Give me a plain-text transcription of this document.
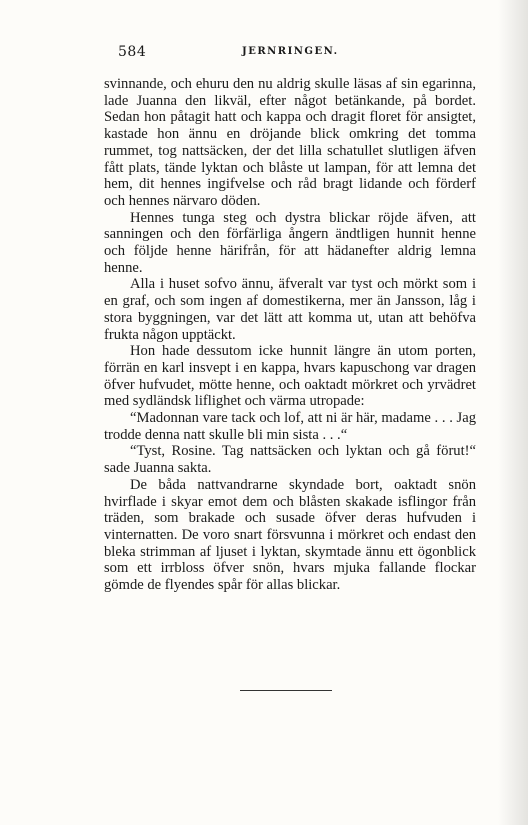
584	JERNRINGEN.

svinnande, och ehuru den nu aldrig skulle läsas af sin egarinna, lade Juanna den likväl, efter något betänkande, på bordet. Sedan hon påtagit hatt och kappa och dragit floret för ansigtet, kastade hon ännu en dröjande blick omkring det tomma rummet, tog nattsäcken, der det lilla schatullet slutligen äfven fått plats, tände lyktan och blåste ut lampan, för att lemna det hem, dit hennes ingifvelse och råd bragt lidande och förderf och hennes närvaro döden.

Hennes tunga steg och dystra blickar röjde äfven, att sanningen och den förfärliga ångern ändtligen hunnit henne och följde henne härifrån, för att hädanefter aldrig lemna henne.

Alla i huset sofvo ännu, äfveralt var tyst och mörkt som i en graf, och som ingen af domestikerna, mer än Jansson, låg i stora byggningen, var det lätt att komma ut, utan att behöfva frukta någon upptäckt.

Hon hade dessutom icke hunnit längre än utom porten, förrän en karl insvept i en kappa, hvars kapuschong var dragen öfver hufvudet, mötte henne, och oaktadt mörkret och yrvädret med sydländsk liflighet och värma utropade:

“Madonnan vare tack och lof, att ni är här, madame . . . Jag trodde denna natt skulle bli min sista . . .“

“Tyst, Rosine. Tag nattsäcken och lyktan och gå förut!“ sade Juanna sakta.

De båda nattvandrarne skyndade bort, oaktadt snön hvirflade i skyar emot dem och blåsten skakade isflingor från träden, som brakade och susade öfver deras hufvuden i vinternatten. De voro snart försvunna i mörkret och endast den bleka strimman af ljuset i lyktan, skymtade ännu ett ögonblick som ett irrbloss öfver snön, hvars mjuka fallande flockar gömde de flyendes spår för allas blickar.
